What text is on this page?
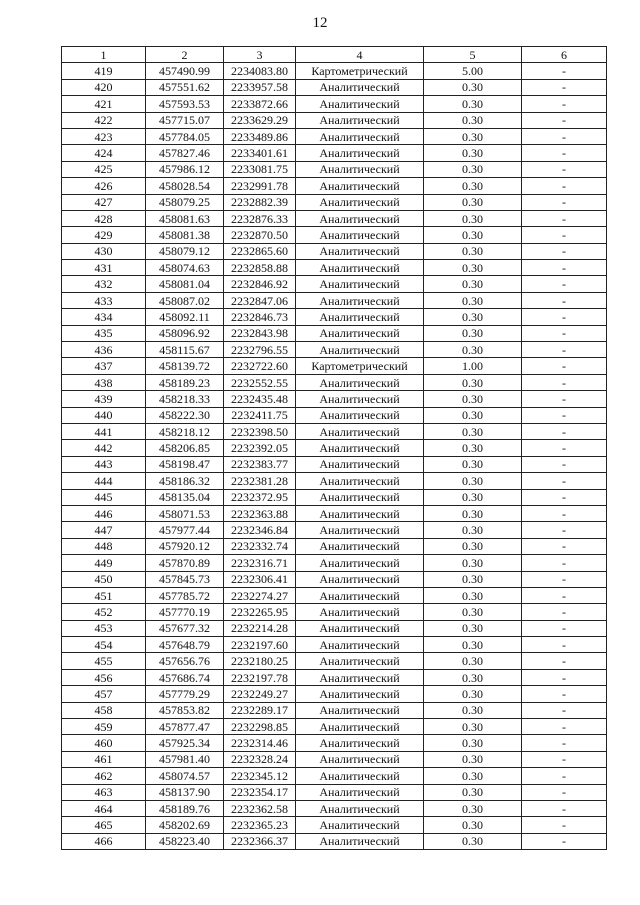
12
1	2	3	4	5	6
419	457490.99	2234083.80	Картометрический	5.00	-
420	457551.62	2233957.58	Аналитический	0.30	-
421	457593.53	2233872.66	Аналитический	0.30	-
422	457715.07	2233629.29	Аналитический	0.30	-
423	457784.05	2233489.86	Аналитический	0.30	-
424	457827.46	2233401.61	Аналитический	0.30	-
425	457986.12	2233081.75	Аналитический	0.30	-
426	458028.54	2232991.78	Аналитический	0.30	-
427	458079.25	2232882.39	Аналитический	0.30	-
428	458081.63	2232876.33	Аналитический	0.30	-
429	458081.38	2232870.50	Аналитический	0.30	-
430	458079.12	2232865.60	Аналитический	0.30	-
431	458074.63	2232858.88	Аналитический	0.30	-
432	458081.04	2232846.92	Аналитический	0.30	-
433	458087.02	2232847.06	Аналитический	0.30	-
434	458092.11	2232846.73	Аналитический	0.30	-
435	458096.92	2232843.98	Аналитический	0.30	-
436	458115.67	2232796.55	Аналитический	0.30	-
437	458139.72	2232722.60	Картометрический	1.00	-
438	458189.23	2232552.55	Аналитический	0.30	-
439	458218.33	2232435.48	Аналитический	0.30	-
440	458222.30	2232411.75	Аналитический	0.30	-
441	458218.12	2232398.50	Аналитический	0.30	-
442	458206.85	2232392.05	Аналитический	0.30	-
443	458198.47	2232383.77	Аналитический	0.30	-
444	458186.32	2232381.28	Аналитический	0.30	-
445	458135.04	2232372.95	Аналитический	0.30	-
446	458071.53	2232363.88	Аналитический	0.30	-
447	457977.44	2232346.84	Аналитический	0.30	-
448	457920.12	2232332.74	Аналитический	0.30	-
449	457870.89	2232316.71	Аналитический	0.30	-
450	457845.73	2232306.41	Аналитический	0.30	-
451	457785.72	2232274.27	Аналитический	0.30	-
452	457770.19	2232265.95	Аналитический	0.30	-
453	457677.32	2232214.28	Аналитический	0.30	-
454	457648.79	2232197.60	Аналитический	0.30	-
455	457656.76	2232180.25	Аналитический	0.30	-
456	457686.74	2232197.78	Аналитический	0.30	-
457	457779.29	2232249.27	Аналитический	0.30	-
458	457853.82	2232289.17	Аналитический	0.30	-
459	457877.47	2232298.85	Аналитический	0.30	-
460	457925.34	2232314.46	Аналитический	0.30	-
461	457981.40	2232328.24	Аналитический	0.30	-
462	458074.57	2232345.12	Аналитический	0.30	-
463	458137.90	2232354.17	Аналитический	0.30	-
464	458189.76	2232362.58	Аналитический	0.30	-
465	458202.69	2232365.23	Аналитический	0.30	-
466	458223.40	2232366.37	Аналитический	0.30	-
